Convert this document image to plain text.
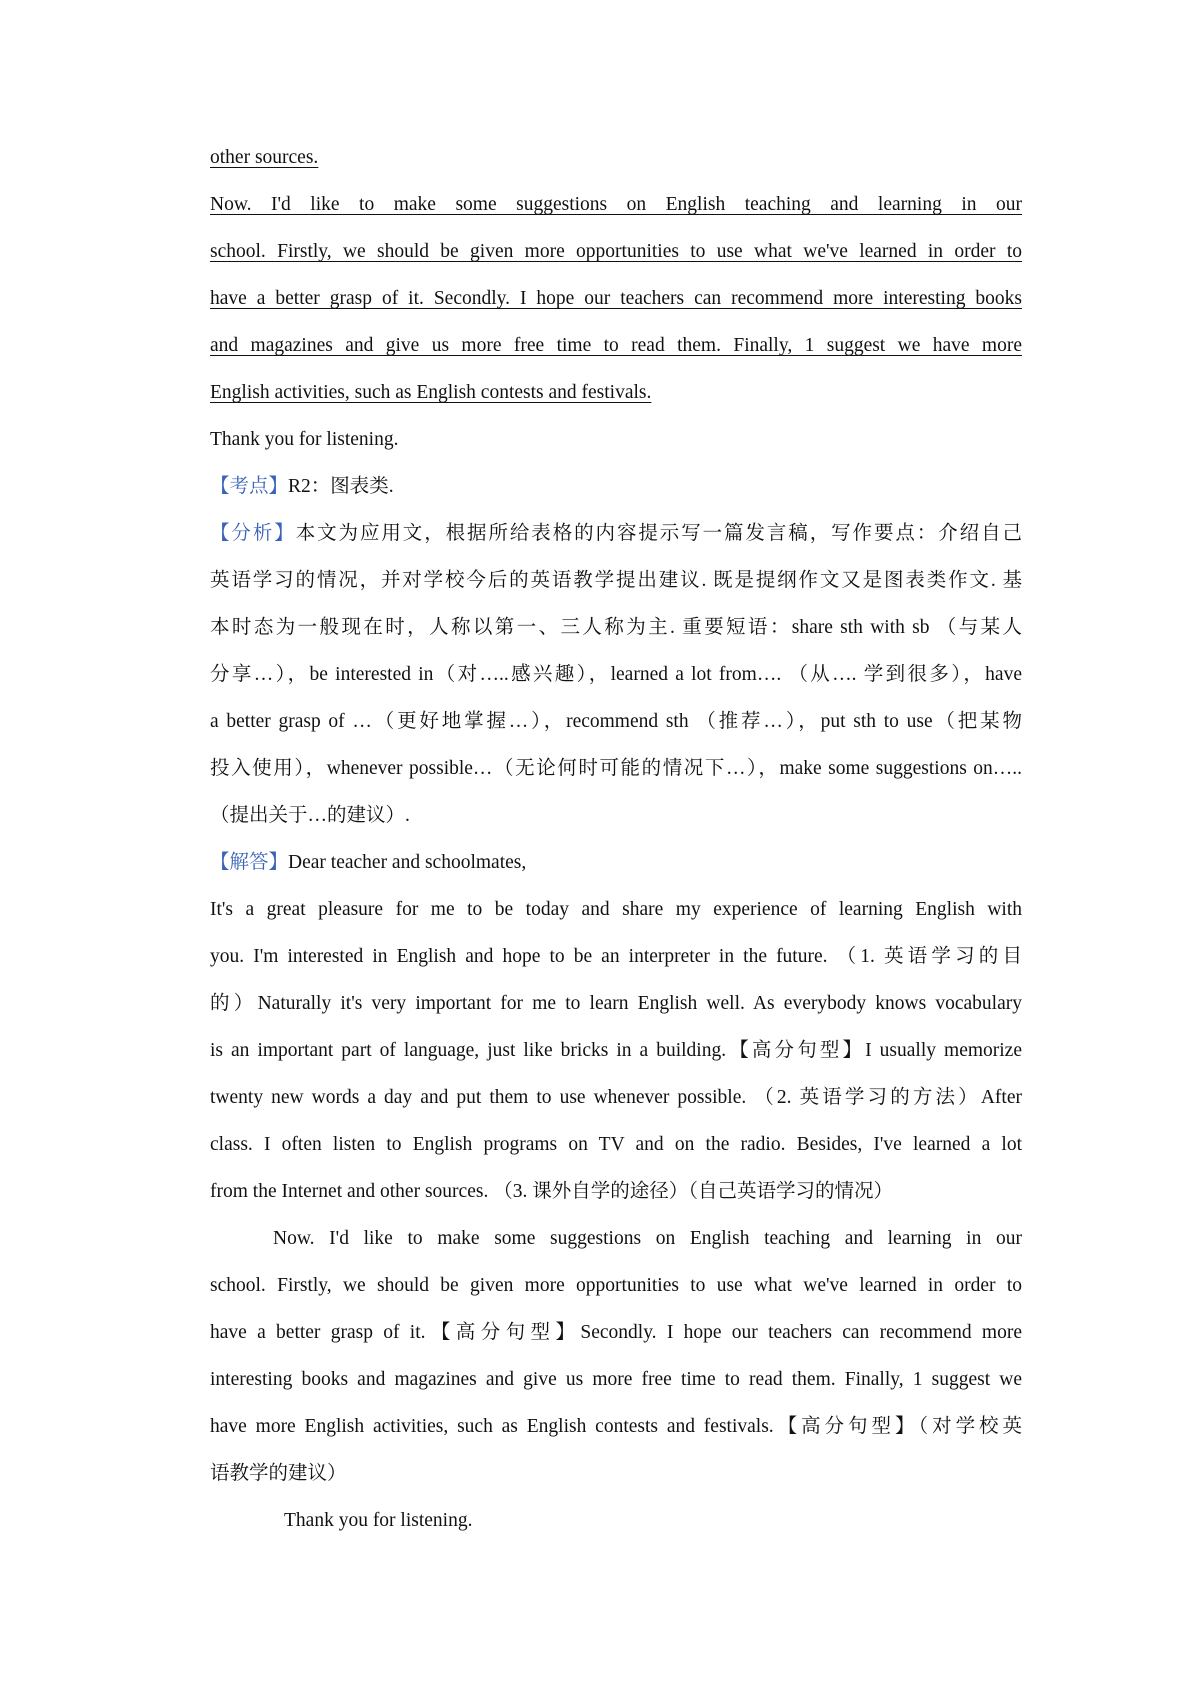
other sources.
Now. I'd like to make some suggestions on English teaching and learning in our
school. Firstly, we should be given more opportunities to use what we've learned in order to
have a better grasp of it. Secondly. I hope our teachers can recommend more interesting books
and magazines and give us more free time to read them. Finally, 1 suggest we have more
English activities, such as English contests and festivals.
Thank you for listening.
【考点】R2：图表类.
【分析】本文为应用文，根据所给表格的内容提示写一篇发言稿，写作要点：介绍自己
英语学习的情况，并对学校今后的英语教学提出建议. 既是提纲作文又是图表类作文. 基
本时态为一般现在时，人称以第一、三人称为主. 重要短语：share sth with sb （与某人
分享…），be interested in（对…..感兴趣），learned a lot from…. （从…. 学到很多），have
a better grasp of …（更好地掌握…），recommend sth （推荐…），put sth to use（把某物
投入使用），whenever possible…（无论何时可能的情况下…），make some suggestions on…..
（提出关于…的建议）.
【解答】Dear teacher and schoolmates,
It's a great pleasure for me to be today and share my experience of learning English with
you. I'm interested in English and hope to be an interpreter in the future. （1. 英语学习的目
的）Naturally it's very important for me to learn English well. As everybody knows vocabulary
is an important part of language, just like bricks in a building.【高分句型】I usually memorize
twenty new words a day and put them to use whenever possible. （2. 英语学习的方法）After
class. I often listen to English programs on TV and on the radio. Besides, I've learned a lot
from the Internet and other sources. （3. 课外自学的途径）（自己英语学习的情况）
Now. I'd like to make some suggestions on English teaching and learning in our
school. Firstly, we should be given more opportunities to use what we've learned in order to
have a better grasp of it.【高分句型】Secondly. I hope our teachers can recommend more
interesting books and magazines and give us more free time to read them. Finally, 1 suggest we
have more English activities, such as English contests and festivals.【高分句型】（对学校英
语教学的建议）
Thank you for listening.
